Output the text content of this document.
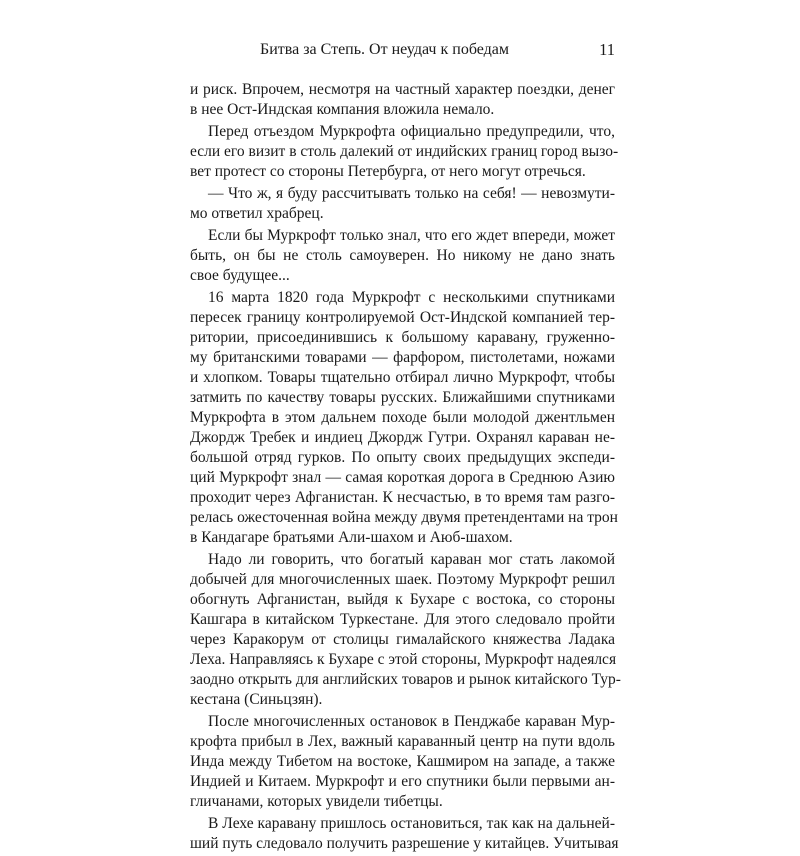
Битва за Степь. От неудач к победам	11
и риск. Впрочем, несмотря на частный характер поездки, денег
в нее Ост-Индская компания вложила немало.
Перед отъездом Муркрофта официально предупредили, что,
если его визит в столь далекий от индийских границ город вызо-
вет протест со стороны Петербурга, от него могут отречься.
— Что ж, я буду рассчитывать только на себя! — невозмути-
мо ответил храбрец.
Если бы Муркрофт только знал, что его ждет впереди, может
быть, он бы не столь самоуверен. Но никому не дано знать
свое будущее...
16 марта 1820 года Муркрофт с несколькими спутниками
пересек границу контролируемой Ост-Индской компанией тер-
ритории, присоединившись к большому каравану, груженно-
му британскими товарами — фарфором, пистолетами, ножами
и хлопком. Товары тщательно отбирал лично Муркрофт, чтобы
затмить по качеству товары русских. Ближайшими спутниками
Муркрофта в этом дальнем походе были молодой джентльмен
Джордж Требек и индиец Джордж Гутри. Охранял караван не-
большой отряд гурков. По опыту своих предыдущих экспеди-
ций Муркрофт знал — самая короткая дорога в Среднюю Азию
проходит через Афганистан. К несчастью, в то время там разго-
релась ожесточенная война между двумя претендентами на трон
в Кандагаре братьями Али-шахом и Аюб-шахом.
Надо ли говорить, что богатый караван мог стать лакомой
добычей для многочисленных шаек. Поэтому Муркрофт решил
обогнуть Афганистан, выйдя к Бухаре с востока, со стороны
Кашгара в китайском Туркестане. Для этого следовало пройти
через Каракорум от столицы гималайского княжества Ладака
Леха. Направляясь к Бухаре с этой стороны, Муркрофт надеялся
заодно открыть для английских товаров и рынок китайского Тур-
кестана (Синьцзян).
После многочисленных остановок в Пенджабе караван Мур-
крофта прибыл в Лех, важный караванный центр на пути вдоль
Инда между Тибетом на востоке, Кашмиром на западе, а также
Индией и Китаем. Муркрофт и его спутники были первыми ан-
гличанами, которых увидели тибетцы.
В Лехе каравану пришлось остановиться, так как на дальней-
ший путь следовало получить разрешение у китайцев. Учитывая
